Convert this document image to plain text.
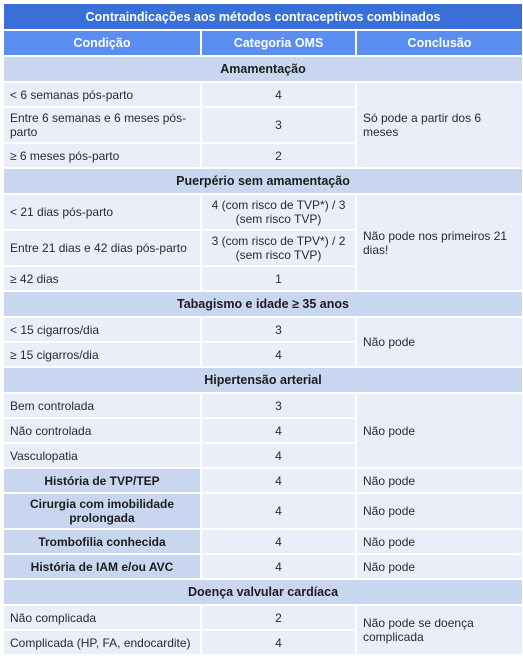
Contraindicações aos métodos contraceptivos combinados		
Condição	Categoria OMS	Conclusão
Amamentação		
< 6 semanas pós-parto	4	Só pode a partir dos 6 meses
Entre 6 semanas e 6 meses pós-parto	3	
≥ 6 meses pós-parto	2	
Puerpério sem amamentação		
< 21 dias pós-parto	4 (com risco de TVP*) / 3 (sem risco TVP)	Não pode nos primeiros 21 dias!
Entre 21 dias e 42 dias pós-parto	3 (com risco de TPV*) / 2 (sem risco TVP)	
≥ 42 dias	1	
Tabagismo e idade ≥ 35 anos		
< 15 cigarros/dia	3	Não pode
≥ 15 cigarros/dia	4	
Hipertensão arterial		
Bem controlada	3	Não pode
Não controlada	4	
Vasculopatia	4	
História de TVP/TEP	4	Não pode
Cirurgia com imobilidade prolongada	4	Não pode
Trombofilia conhecida	4	Não pode
História de IAM e/ou AVC	4	Não pode
Doença valvular cardíaca		
Não complicada	2	Não pode se doença complicada
Complicada (HP, FA, endocardite)	4	
